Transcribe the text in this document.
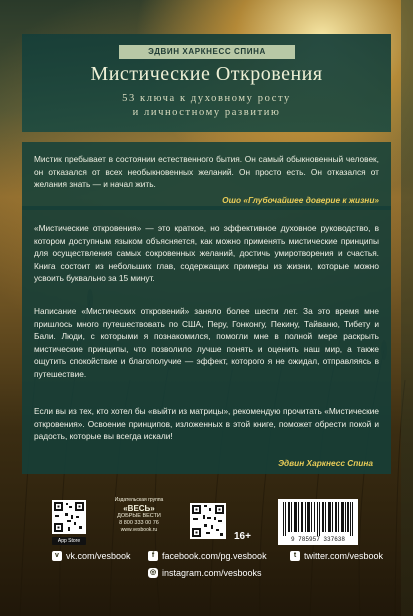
ЭДВИН ХАРКНЕСС СПИНА
Мистические Откровения
53 ключа к духовному росту
и личностному развитию
Мистик пребывает в состоянии естественного бытия. Он самый обыкновенный человек, он отказался от всех необыкновенных желаний. Он просто есть. Он отказался от желания знать — и начал жить.
Ошо «Глубочайшее доверие к жизни»

«Мистические откровения» — это краткое, но эффективное духовное руководство, в котором доступным языком объясняется, как можно применять мистические принципы для осуществления самых сокровенных желаний, достичь умиротворения и счастья. Книга состоит из небольших глав, содержащих примеры из жизни, которые можно усвоить буквально за 15 минут.

Написание «Мистических откровений» заняло более шести лет. За это время мне пришлось много путешествовать по США, Перу, Гонконгу, Пекину, Тайваню, Тибету и Бали. Люди, с которыми я познакомился, помогли мне в полной мере раскрыть мистические принципы, что позволило лучше понять и оценить наш мир, а также ощутить спокойствие и благополучие — эффект, которого я не ожидал, отправляясь в путешествие.

Если вы из тех, кто хотел бы «выйти из матрицы», рекомендую прочитать «Мистические откровения». Освоение принципов, изложенных в этой книге, поможет обрести покой и радость, которые вы всегда искали!

Эдвин Харкнесс Спина
App Store
Издательская группа
«ВЕСЬ»
ДОБРЫЕ ВЕСТИ
8 800 333 00 76
www.vesbook.ru
16+	9 785957 337638
v vk.com/vesbook	f facebook.com/pg.vesbook	t twitter.com/vesbook
◎ instagram.com/vesbooks
